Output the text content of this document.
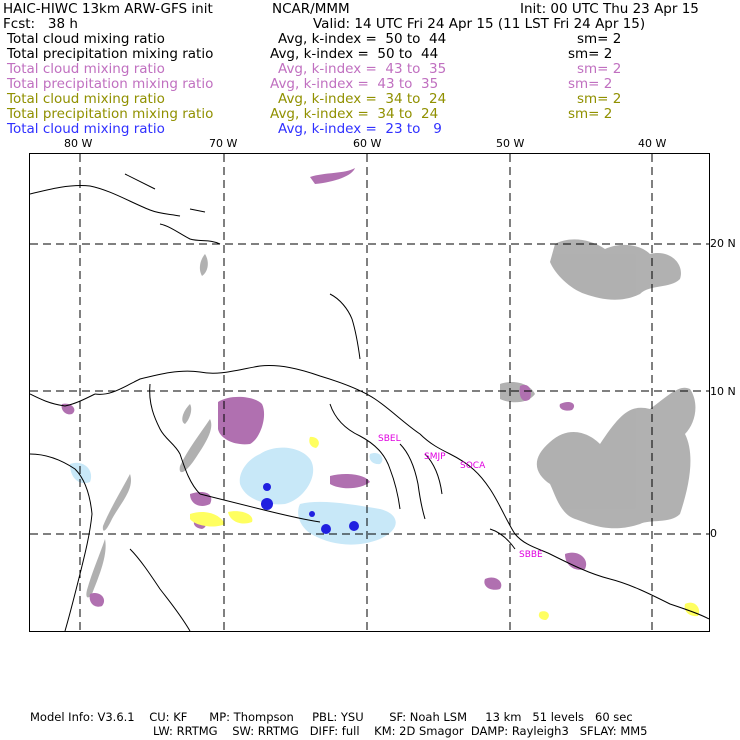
HAIC-HIWC 13km ARW-GFS init	NCAR/MMM	Init: 00 UTC Thu 23 Apr 15
Fcst:   38 h	Valid: 14 UTC Fri 24 Apr 15 (11 LST Fri 24 Apr 15)
Total cloud mixing ratio	Avg, k-index =  50 to  44	sm= 2
Total precipitation mixing ratio	Avg, k-index =  50 to  44	sm= 2
Total cloud mixing ratio	Avg, k-index =  43 to  35	sm= 2
Total precipitation mixing ratio	Avg, k-index =  43 to  35	sm= 2
Total cloud mixing ratio	Avg, k-index =  34 to  24	sm= 2
Total precipitation mixing ratio	Avg, k-index =  34 to  24	sm= 2
Total cloud mixing ratio	Avg, k-index =  23 to   9
80 W	70 W	60 W	50 W	40 W
20 N
10 N
0
SBEL
SMJP
SOCA
SBBE
Model Info: V3.6.1    CU: KF      MP: Thompson     PBL: YSU       SF: Noah LSM     13 km   51 levels   60 sec
LW: RRTMG    SW: RRTMG   DIFF: full    KM: 2D Smagor  DAMP: Rayleigh3   SFLAY: MM5
